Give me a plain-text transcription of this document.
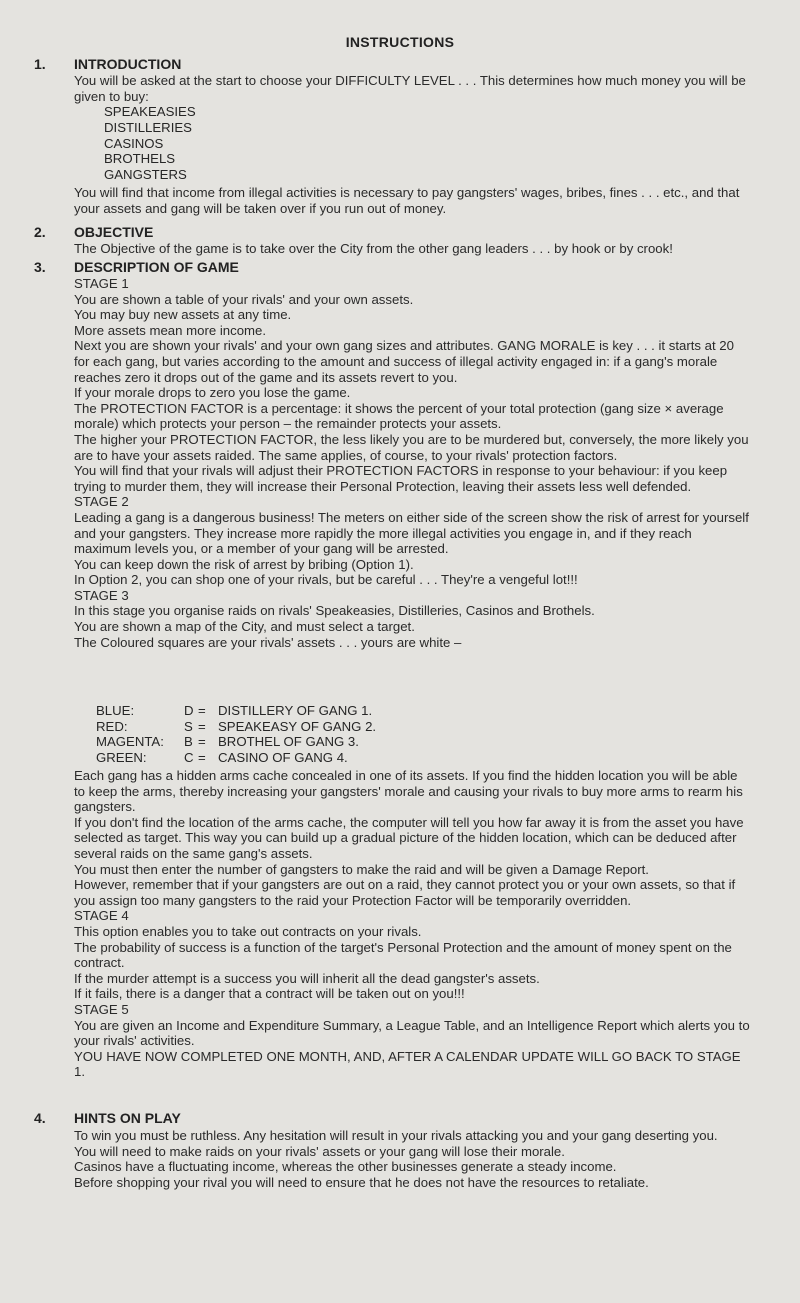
INSTRUCTIONS
1. INTRODUCTION

You will be asked at the start to choose your DIFFICULTY LEVEL . . . This determines how much money you will be given to buy:

SPEAKEASIES
DISTILLERIES
CASINOS
BROTHELS
GANGSTERS

You will find that income from illegal activities is necessary to pay gangsters' wages, bribes, fines . . . etc., and that your assets and gang will be taken over if you run out of money.

2. OBJECTIVE

The Objective of the game is to take over the City from the other gang leaders . . . by hook or by crook!

3. DESCRIPTION OF GAME

STAGE 1

You are shown a table of your rivals' and your own assets.

You may buy new assets at any time.

More assets mean more income.

Next you are shown your rivals' and your own gang sizes and attributes. GANG MORALE is key . . . it starts at 20 for each gang, but varies according to the amount and success of illegal activity engaged in: if a gang's morale reaches zero it drops out of the game and its assets revert to you.

If your morale drops to zero you lose the game.

The PROTECTION FACTOR is a percentage: it shows the percent of your total protection (gang size × average morale) which protects your person – the remainder protects your assets.

The higher your PROTECTION FACTOR, the less likely you are to be murdered but, conversely, the more likely you are to have your assets raided. The same applies, of course, to your rivals' protection factors.

You will find that your rivals will adjust their PROTECTION FACTORS in response to your behaviour: if you keep trying to murder them, they will increase their Personal Protection, leaving their assets less well defended.

STAGE 2

Leading a gang is a dangerous business! The meters on either side of the screen show the risk of arrest for yourself and your gangsters. They increase more rapidly the more illegal activities you engage in, and if they reach maximum levels you, or a member of your gang will be arrested.

You can keep down the risk of arrest by bribing (Option 1).

In Option 2, you can shop one of your rivals, but be careful . . . They're a vengeful lot!!!

STAGE 3

In this stage you organise raids on rivals' Speakeasies, Distilleries, Casinos and Brothels.

You are shown a map of the City, and must select a target.

The Coloured squares are your rivals' assets . . . yours are white –

BLUE:	D = DISTILLERY OF GANG 1.
RED:	S = SPEAKEASY OF GANG 2.
MAGENTA:	B = BROTHEL OF GANG 3.
GREEN:	C = CASINO OF GANG 4.

Each gang has a hidden arms cache concealed in one of its assets. If you find the hidden location you will be able to keep the arms, thereby increasing your gangsters' morale and causing your rivals to buy more arms to rearm his gangsters.

If you don't find the location of the arms cache, the computer will tell you how far away it is from the asset you have selected as target. This way you can build up a gradual picture of the hidden location, which can be deduced after several raids on the same gang's assets.

You must then enter the number of gangsters to make the raid and will be given a Damage Report.

However, remember that if your gangsters are out on a raid, they cannot protect you or your own assets, so that if you assign too many gangsters to the raid your Protection Factor will be temporarily overridden.

STAGE 4

This option enables you to take out contracts on your rivals.

The probability of success is a function of the target's Personal Protection and the amount of money spent on the contract.

If the murder attempt is a success you will inherit all the dead gangster's assets.

If it fails, there is a danger that a contract will be taken out on you!!!

STAGE 5

You are given an Income and Expenditure Summary, a League Table, and an Intelligence Report which alerts you to your rivals' activities.

YOU HAVE NOW COMPLETED ONE MONTH, AND, AFTER A CALENDAR UPDATE WILL GO BACK TO STAGE 1.

4. HINTS ON PLAY

To win you must be ruthless. Any hesitation will result in your rivals attacking you and your gang deserting you.

You will need to make raids on your rivals' assets or your gang will lose their morale.

Casinos have a fluctuating income, whereas the other businesses generate a steady income.

Before shopping your rival you will need to ensure that he does not have the resources to retaliate.
